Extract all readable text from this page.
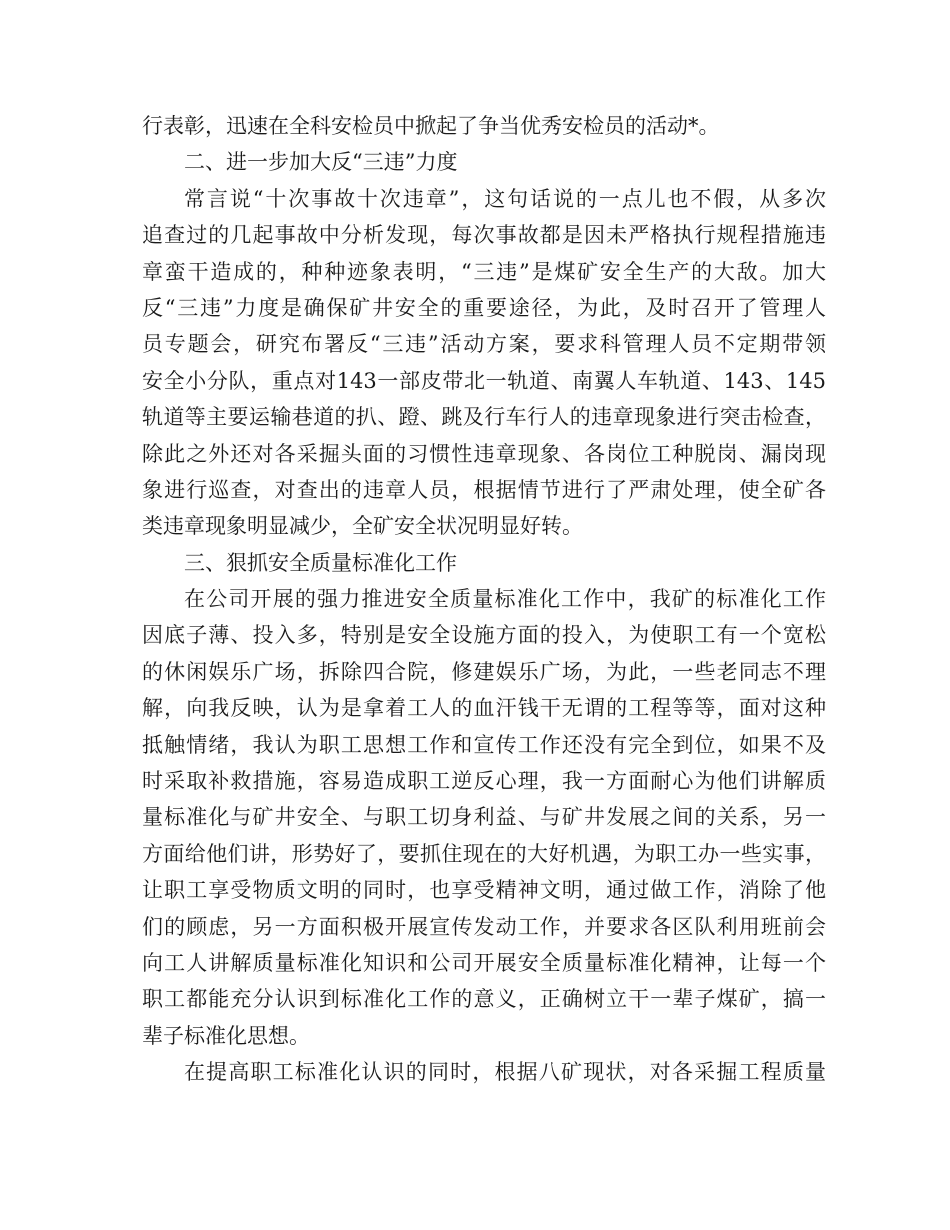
行表彰，迅速在全科安检员中掀起了争当优秀安检员的活动*。
二、进一步加大反“三违”力度
常言说“十次事故十次违章”，这句话说的一点儿也不假，从多次
追查过的几起事故中分析发现，每次事故都是因未严格执行规程措施违
章蛮干造成的，种种迹象表明，“三违”是煤矿安全生产的大敌。加大
反“三违”力度是确保矿井安全的重要途径，为此，及时召开了管理人
员专题会，研究布署反“三违”活动方案，要求科管理人员不定期带领
安全小分队，重点对143一部皮带北一轨道、南翼人车轨道、143、145
轨道等主要运输巷道的扒、蹬、跳及行车行人的违章现象进行突击检查，
除此之外还对各采掘头面的习惯性违章现象、各岗位工种脱岗、漏岗现
象进行巡查，对查出的违章人员，根据情节进行了严肃处理，使全矿各
类违章现象明显减少，全矿安全状况明显好转。
三、狠抓安全质量标准化工作
在公司开展的强力推进安全质量标准化工作中，我矿的标准化工作
因底子薄、投入多，特别是安全设施方面的投入，为使职工有一个宽松
的休闲娱乐广场，拆除四合院，修建娱乐广场，为此，一些老同志不理
解，向我反映，认为是拿着工人的血汗钱干无谓的工程等等，面对这种
抵触情绪，我认为职工思想工作和宣传工作还没有完全到位，如果不及
时采取补救措施，容易造成职工逆反心理，我一方面耐心为他们讲解质
量标准化与矿井安全、与职工切身利益、与矿井发展之间的关系，另一
方面给他们讲，形势好了，要抓住现在的大好机遇，为职工办一些实事，
让职工享受物质文明的同时，也享受精神文明，通过做工作，消除了他
们的顾虑，另一方面积极开展宣传发动工作，并要求各区队利用班前会
向工人讲解质量标准化知识和公司开展安全质量标准化精神，让每一个
职工都能充分认识到标准化工作的意义，正确树立干一辈子煤矿，搞一
辈子标准化思想。
在提高职工标准化认识的同时，根据八矿现状，对各采掘工程质量
